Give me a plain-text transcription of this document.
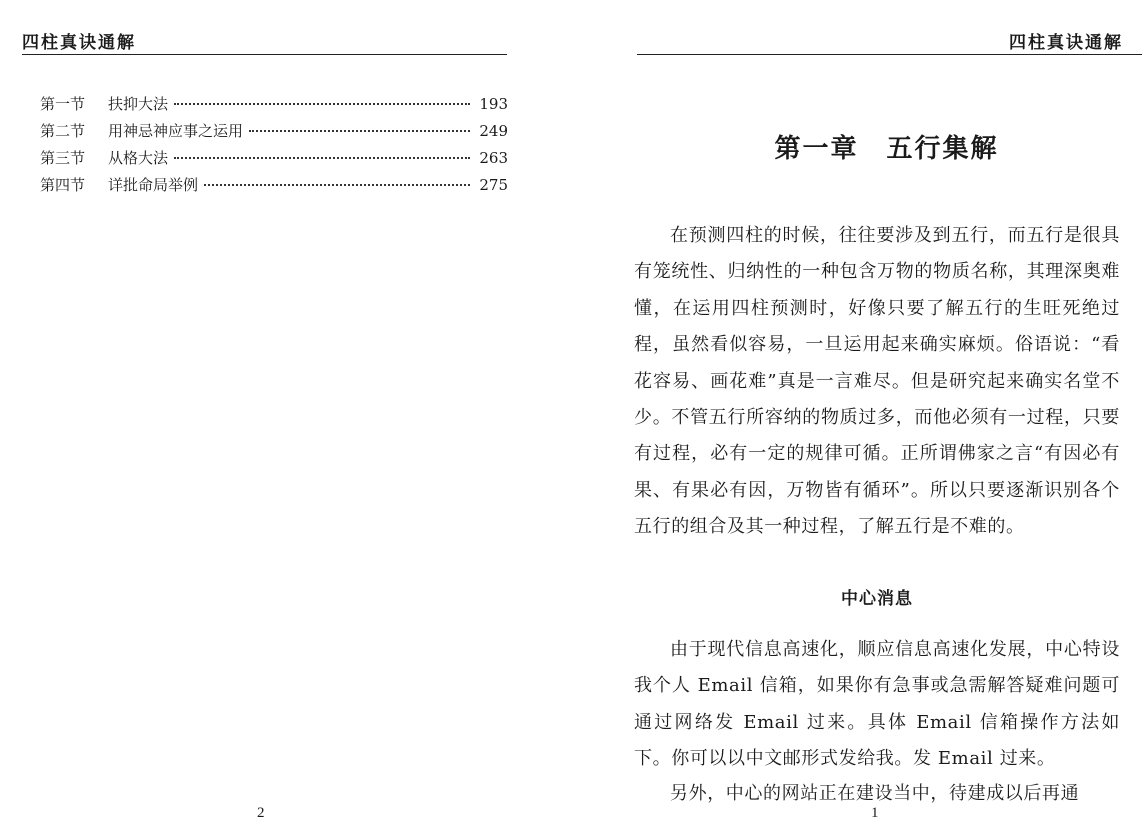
四柱真诀通解
第一节	扶抑大法	193
第二节	用神忌神应事之运用	249
第三节	从格大法	263
第四节	详批命局举例	275
2
四柱真诀通解
第一章　五行集解

在预测四柱的时候，往往要涉及到五行，而五行是很具有笼统性、归纳性的一种包含万物的物质名称，其理深奥难懂，在运用四柱预测时，好像只要了解五行的生旺死绝过程，虽然看似容易，一旦运用起来确实麻烦。俗语说：“看花容易、画花难”真是一言难尽。但是研究起来确实名堂不少。不管五行所容纳的物质过多，而他必须有一过程，只要有过程，必有一定的规律可循。正所谓佛家之言“有因必有果、有果必有因，万物皆有循环”。所以只要逐渐识别各个五行的组合及其一种过程，了解五行是不难的。

中心消息

由于现代信息高速化，顺应信息高速化发展，中心特设我个人 Email 信箱，如果你有急事或急需解答疑难问题可通过网络发 Email 过来。具体 Email 信箱操作方法如下。你可以以中文邮形式发给我。发 Email 过来。

另外，中心的网站正在建设当中，待建成以后再通

1
